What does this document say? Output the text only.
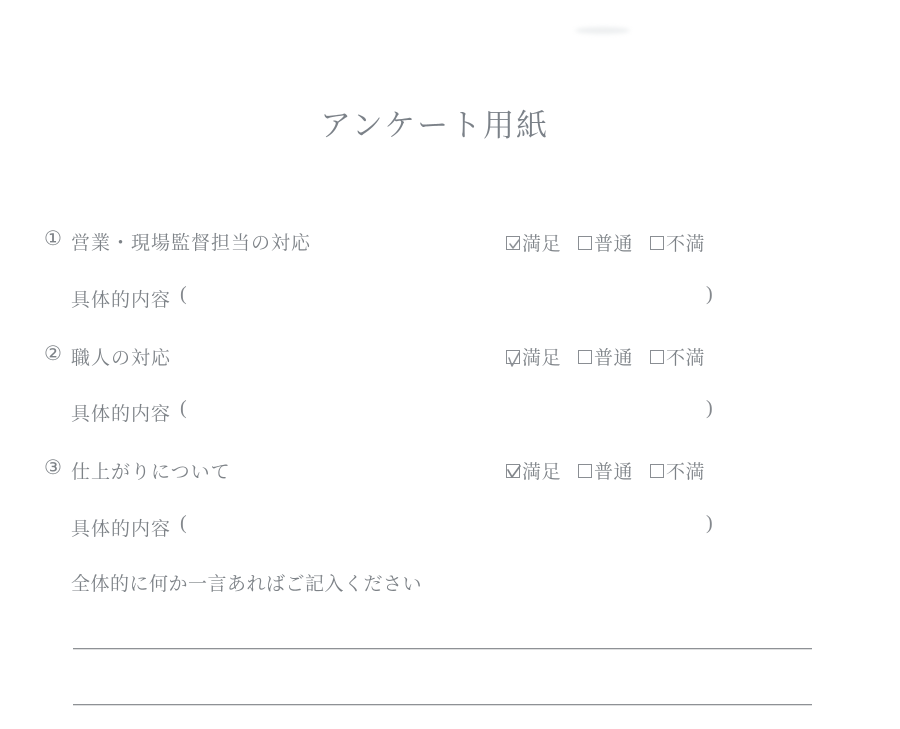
アンケート用紙
① 営業・現場監督担当の対応	満足 普通 不満
具体的内容 (	)
② 職人の対応	満足 普通 不満
具体的内容 (	)
③ 仕上がりについて	満足 普通 不満
具体的内容 (	)
全体的に何か一言あればご記入ください
